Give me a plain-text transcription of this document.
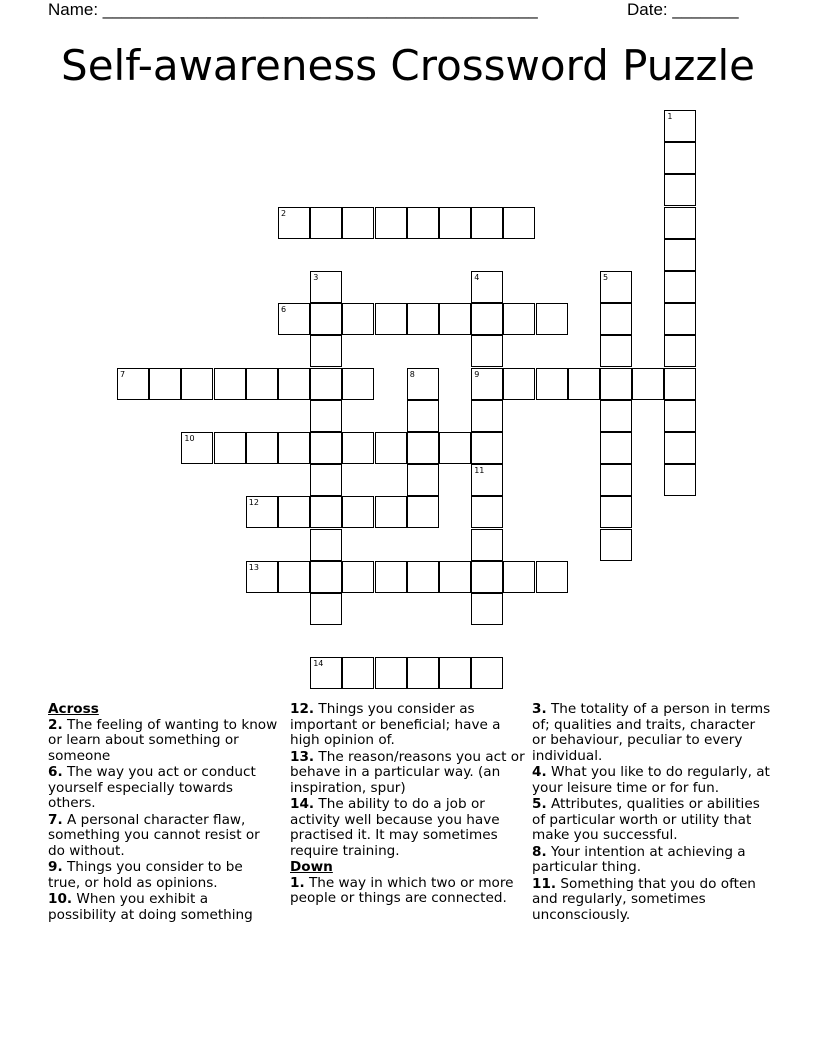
Name: ______________________________________________	Date: _______
Self-awareness Crossword Puzzle
1
2
3	4
9
11
5
6
7	8
10
12
13
14
Across
2. The feeling of wanting to know or learn about something or someone
6. The way you act or conduct yourself especially towards others.
7. A personal character flaw, something you cannot resist or do without.
9. Things you consider to be true, or hold as opinions.
10. When you exhibit a possibility at doing something
12. Things you consider as important or beneficial; have a high opinion of.
13. The reason/reasons you act or behave in a particular way. (an inspiration, spur)
14. The ability to do a job or activity well because you have practised it. It may sometimes require training.
Down
1. The way in which two or more people or things are connected.
3. The totality of a person in terms of; qualities and traits, character or behaviour, peculiar to every individual.
4. What you like to do regularly, at your leisure time or for fun.
5. Attributes, qualities or abilities of particular worth or utility that make you successful.
8. Your intention at achieving a particular thing.
11. Something that you do often and regularly, sometimes unconsciously.
